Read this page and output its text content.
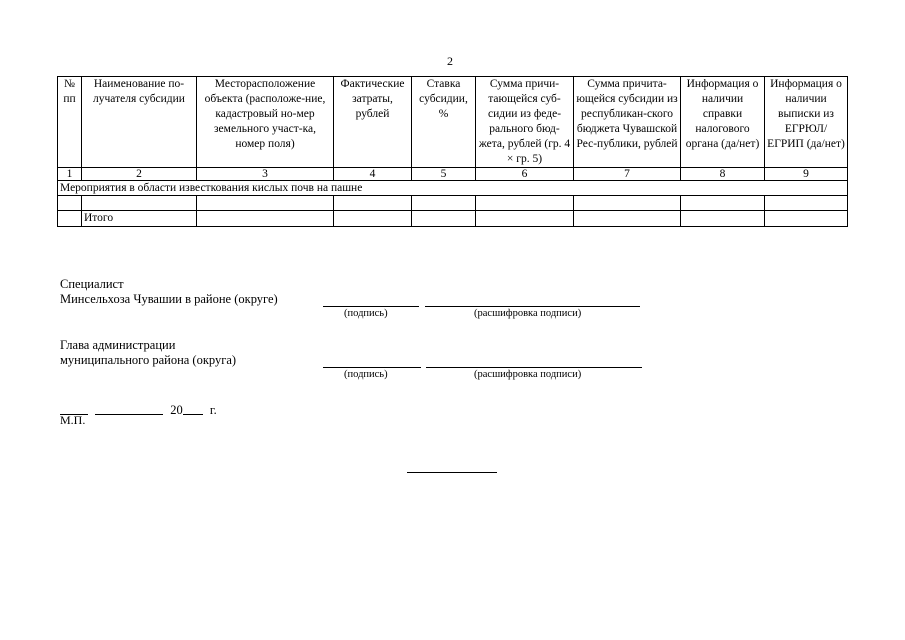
2
№ пп	Наименование по-лучателя субсидии	Месторасположение объекта (расположе-ние, кадастровый но-мер земельного участ-ка, номер поля)	Фактические затраты, рублей	Ставка субсидии, %	Сумма причи-тающейся суб-сидии из феде-рального бюд-жета, рублей (гр. 4 × гр. 5)	Сумма причита-ющейся субсидии из республикан-ского бюджета Чувашской Рес-публики, рублей	Информация о наличии справки налогового органа (да/нет)	Информация о наличии выписки из ЕГРЮЛ/ ЕГРИП (да/нет)
1	2	3	4	5	6	7	8	9
Мероприятия в области известкования кислых почв на пашне								

	Итого							
Специалист
Минсельхоза Чувашии в районе (округе)
(подпись)	(расшифровка подписи)
Глава администрации
муниципального района (округа)
(подпись)	(расшифровка подписи)
20 г.
М.П.
